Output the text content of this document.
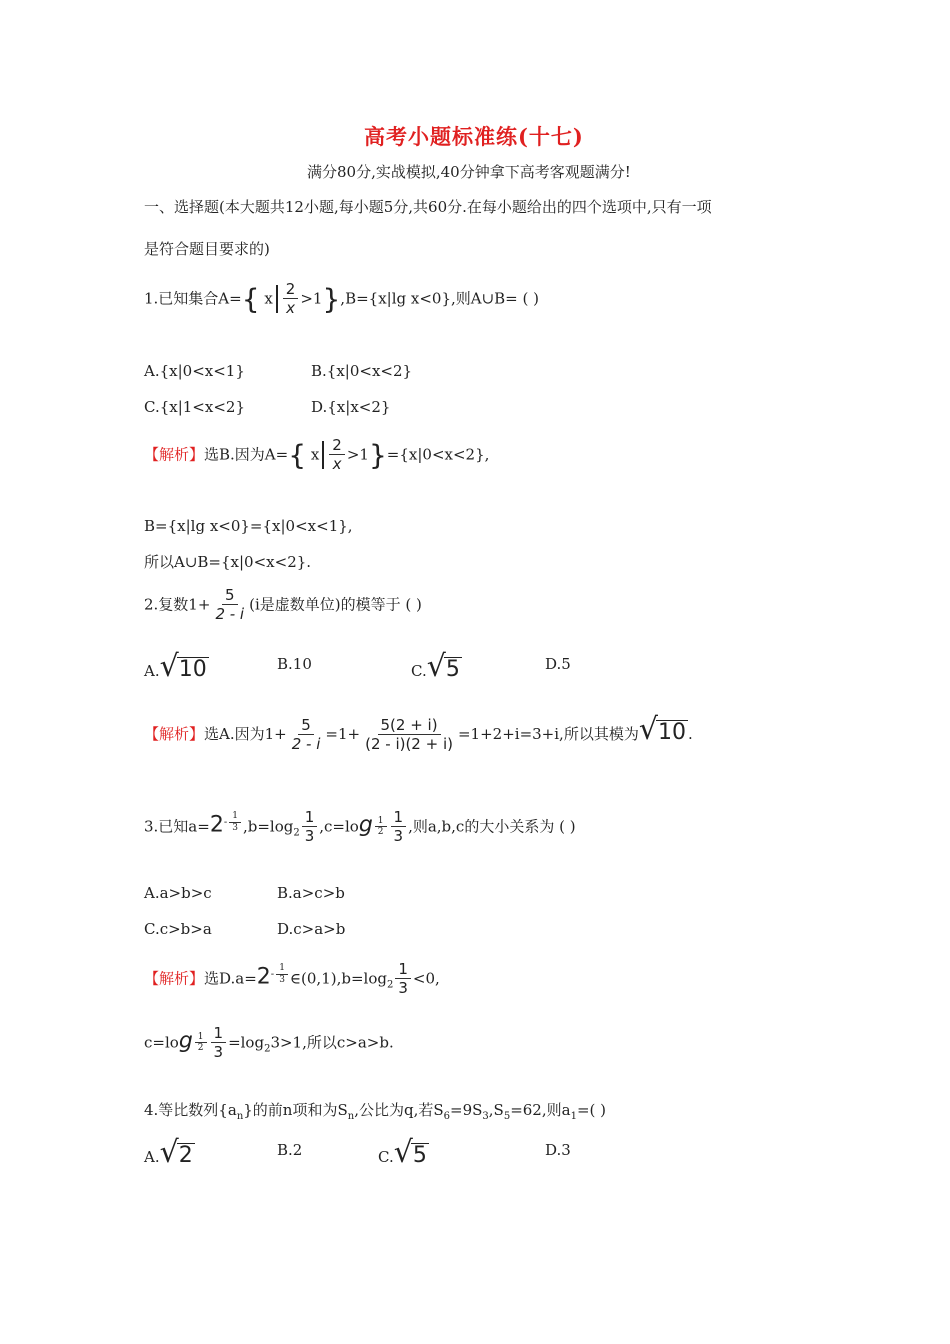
高考小题标准练(十七)
满分80分,实战模拟,40分钟拿下高考客观题满分!
一、选择题(本大题共12小题,每小题5分,共60分.在每小题给出的四个选项中,只有一项
是符合题目要求的)
1.已知集合A={ x $\frac{2}{x} >1\},B=\{x|\lg$ x<0},则A∪B= ( )
A.{x|0<x<1}	B.{x|0<x<2}
C.{x|1<x<2}	D.{x|x<2}
【解析】选B.因为A={ x $\frac{2}{x} >1\}=\{x|0<x<2\}$,
B={x|lg x<0}={x|0<x<1},
所以A∪B={x|0<x<2}.
2.复数$1+ \frac{5}{2 - i} (i$是虚数单位)的模等于 ( )
A. √ 10	B.10	C. √ 5	D.5
【解析】选A.因为$1+ \frac{5}{2 - i} =1+ \frac{5(2 + i)}{(2 - i)(2 + i)} =1+2+i=3+i$,所以其模为 √ 10 .
3.已知$a=2^{- \frac{1}{3}}$ $,b=\log_2 \frac{1}{3} ,c=\log \frac{1}{2} \frac{1}{3}$ ,则a,b,c的大小关系为 ( )
A.a>b>c	B.a>c>b
C.c>b>a	D.c>a>b
【解析】选$D.a=2^{- \frac{1}{3}}$ $\in(0,1),b=\log_2 \frac{1}{3} <0$,
$c=\log \frac{1}{2} \frac{1}{3} =\log_23>1$,所以c>a>b.
4.等比数列$\{a_n\}$的前n项和为$S_n$,公比为q,若$S_6=9S_3,S_5=62$,则$a_1=$( )
A. √ 2	B.2	C. √ 5	D.3
